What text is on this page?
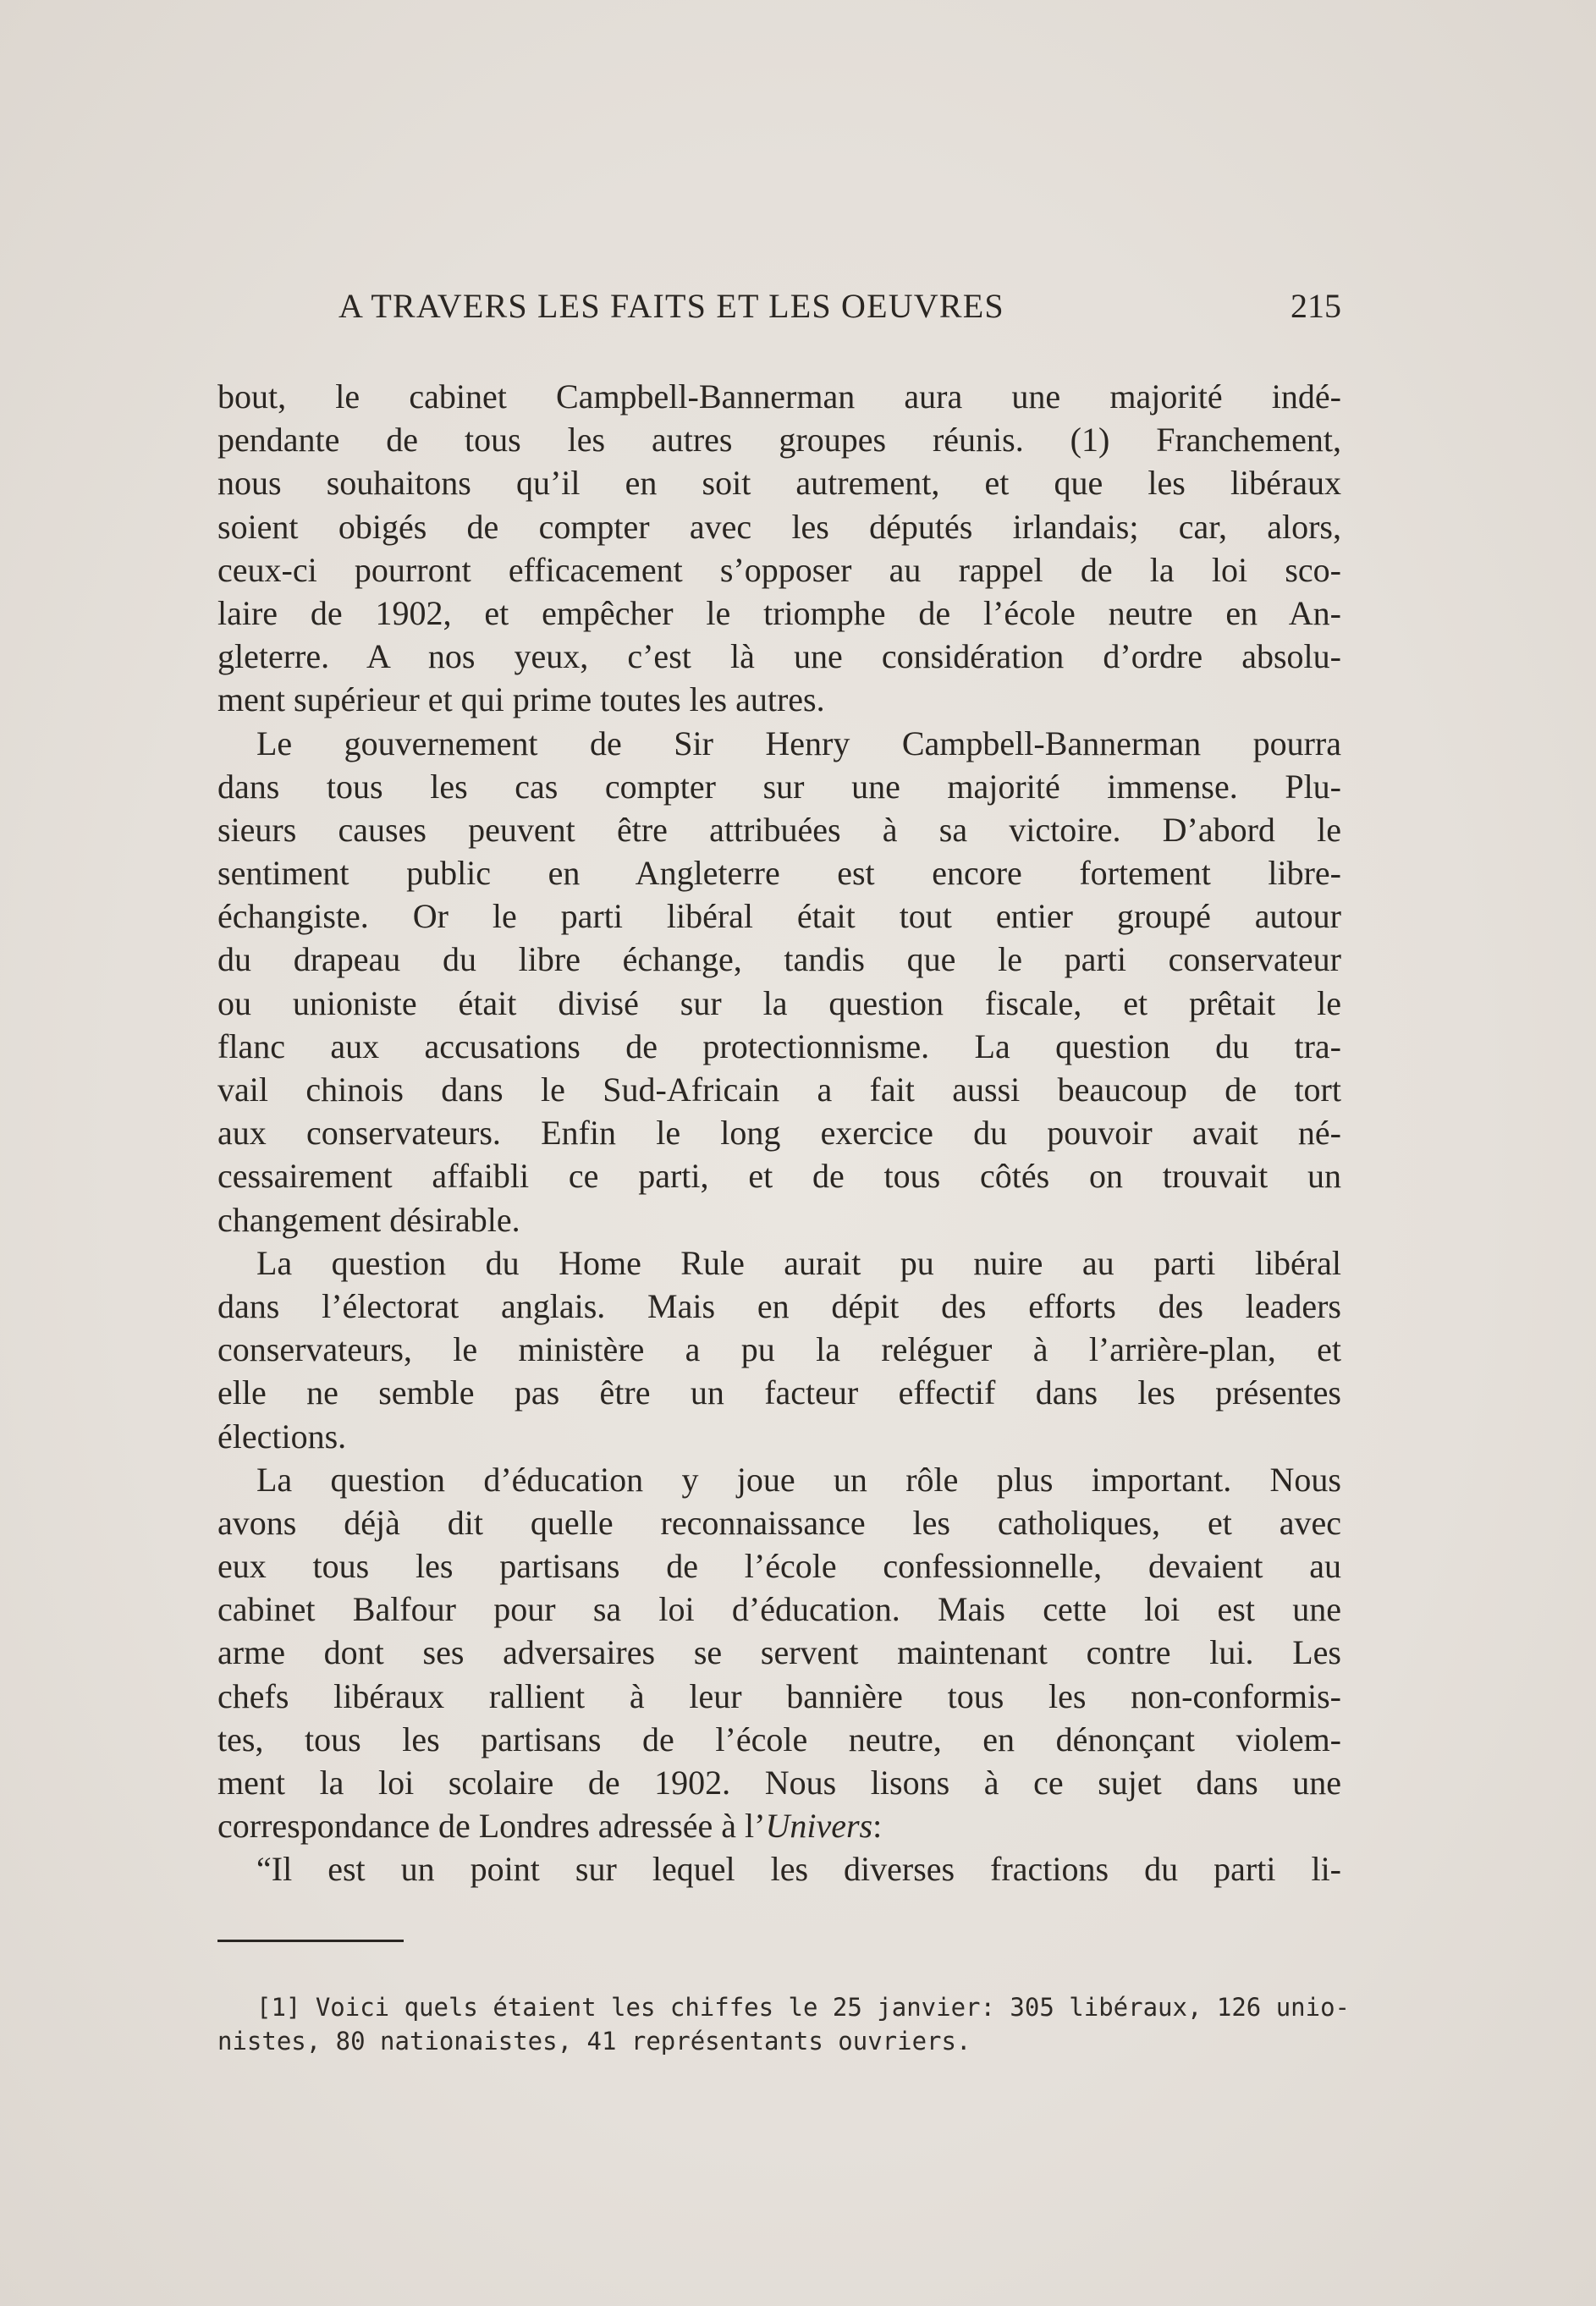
A TRAVERS LES FAITS ET LES OEUVRES	215
bout, le cabinet Campbell-Bannerman aura une majorité indé-
pendante de tous les autres groupes réunis. (1) Franchement,
nous souhaitons qu’il en soit autrement, et que les libéraux
soient obigés de compter avec les députés irlandais; car, alors,
ceux-ci pourront efficacement s’opposer au rappel de la loi sco-
laire de 1902, et empêcher le triomphe de l’école neutre en An-
gleterre. A nos yeux, c’est là une considération d’ordre absolu-
ment supérieur et qui prime toutes les autres.
Le gouvernement de Sir Henry Campbell-Bannerman pourra
dans tous les cas compter sur une majorité immense. Plu-
sieurs causes peuvent être attribuées à sa victoire. D’abord le
sentiment public en Angleterre est encore fortement libre-
échangiste. Or le parti libéral était tout entier groupé autour
du drapeau du libre échange, tandis que le parti conservateur
ou unioniste était divisé sur la question fiscale, et prêtait le
flanc aux accusations de protectionnisme. La question du tra-
vail chinois dans le Sud-Africain a fait aussi beaucoup de tort
aux conservateurs. Enfin le long exercice du pouvoir avait né-
cessairement affaibli ce parti, et de tous côtés on trouvait un
changement désirable.
La question du Home Rule aurait pu nuire au parti libéral
dans l’électorat anglais. Mais en dépit des efforts des leaders
conservateurs, le ministère a pu la reléguer à l’arrière-plan, et
elle ne semble pas être un facteur effectif dans les présentes
élections.
La question d’éducation y joue un rôle plus important. Nous
avons déjà dit quelle reconnaissance les catholiques, et avec
eux tous les partisans de l’école confessionnelle, devaient au
cabinet Balfour pour sa loi d’éducation. Mais cette loi est une
arme dont ses adversaires se servent maintenant contre lui. Les
chefs libéraux rallient à leur bannière tous les non-conformis-
tes, tous les partisans de l’école neutre, en dénonçant violem-
ment la loi scolaire de 1902. Nous lisons à ce sujet dans une
correspondance de Londres adressée à l’Univers:
“Il est un point sur lequel les diverses fractions du parti li-
[1] Voici quels étaient les chiffes le 25 janvier: 305 libéraux, 126 unio-
nistes, 80 nationaistes, 41 représentants ouvriers.
